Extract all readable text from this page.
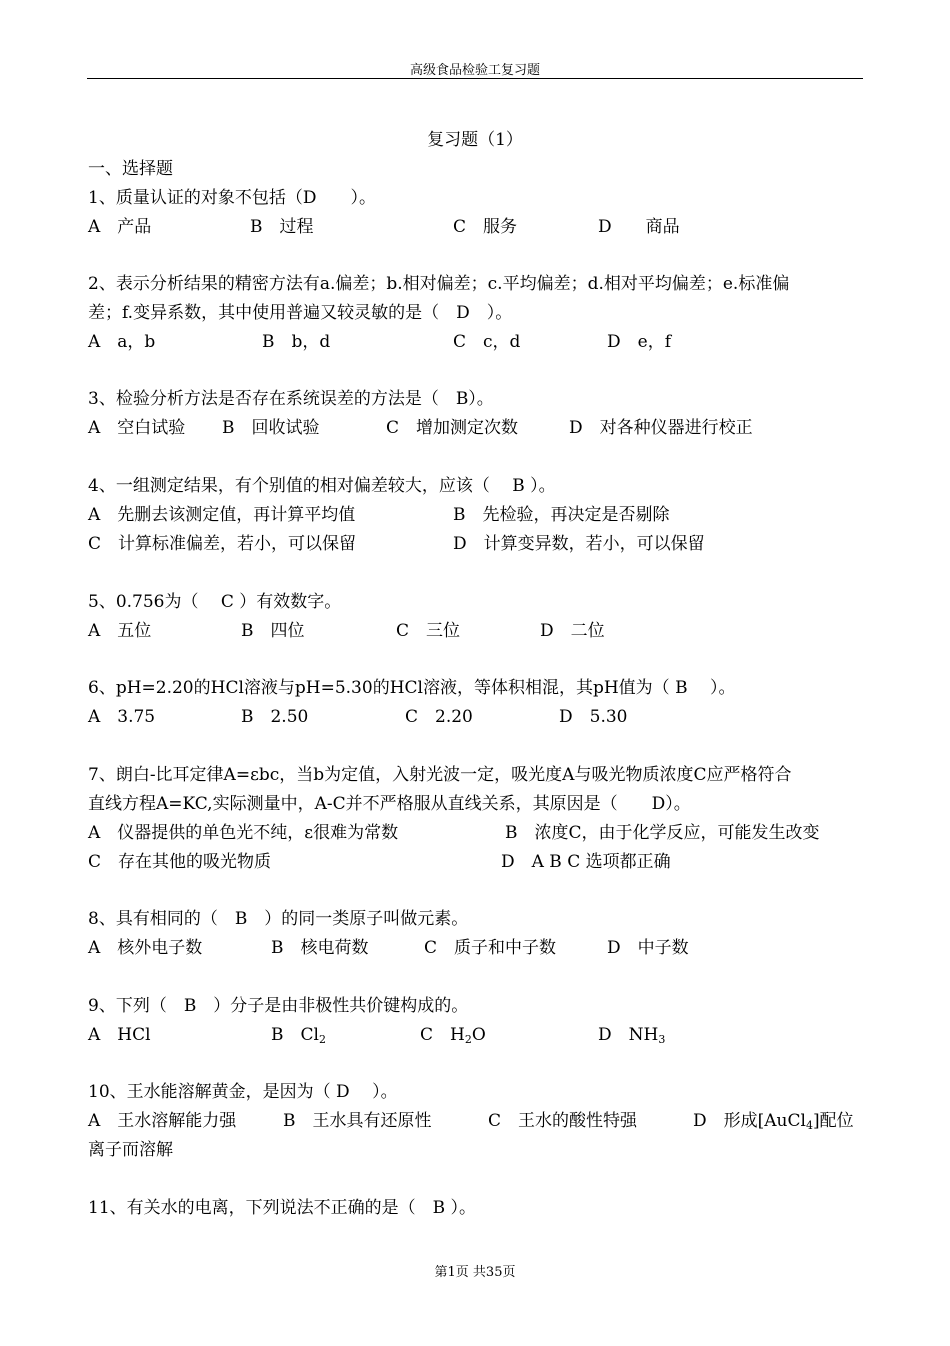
高级食品检验工复习题
复习题（1）
一、选择题
1、质量认证的对象不包括（D　　）。
A　产品	B　过程	C　服务	D　　商品
2、表示分析结果的精密方法有a.偏差；b.相对偏差；c.平均偏差；d.相对平均偏差；e.标准偏
差；f.变异系数，其中使用普遍又较灵敏的是（　D　）。
A　a，b	B　b，d	C　c，d	D　e，f
3、检验分析方法是否存在系统误差的方法是（　B）。
A　空白试验 B　回收试验	C　增加测定次数	D　对各种仪器进行校正
4、一组测定结果，有个别值的相对偏差较大，应该（　 B ）。
A　先删去该测定值，再计算平均值	B　先检验，再决定是否剔除
C　计算标准偏差，若小，可以保留	D　计算变异数，若小，可以保留
5、0.756为（　 C ）有效数字。
A　五位	B　四位	C　三位	D　二位
6、pH=2.20的HCl溶液与pH=5.30的HCl溶液，等体积相混，其pH值为（ B　 ）。
A　3.75	B　2.50	C　2.20	D　5.30
7、朗白-比耳定律A=εbc，当b为定值，入射光波一定，吸光度A与吸光物质浓度C应严格符合
直线方程A=KC,实际测量中，A-C并不严格服从直线关系，其原因是（　　D）。
A　仪器提供的单色光不纯，ε很难为常数	B　浓度C，由于化学反应，可能发生改变
C　存在其他的吸光物质	D　A B C 选项都正确
8、具有相同的（　B　）的同一类原子叫做元素。
A　核外电子数	B　核电荷数	C　质子和中子数	D　中子数
9、下列（　B　）分子是由非极性共价键构成的。
A　HCl	B　$Cl_2$	C　$H_2O$	D　$NH_3$
10、王水能溶解黄金，是因为（ D　 ）。
A　王水溶解能力强	B　王水具有还原性	C　王水的酸性特强	D　形成[AuCl$_4$]配位
离子而溶解
11、有关水的电离，下列说法不正确的是（　B ）。
第1页 共35页
